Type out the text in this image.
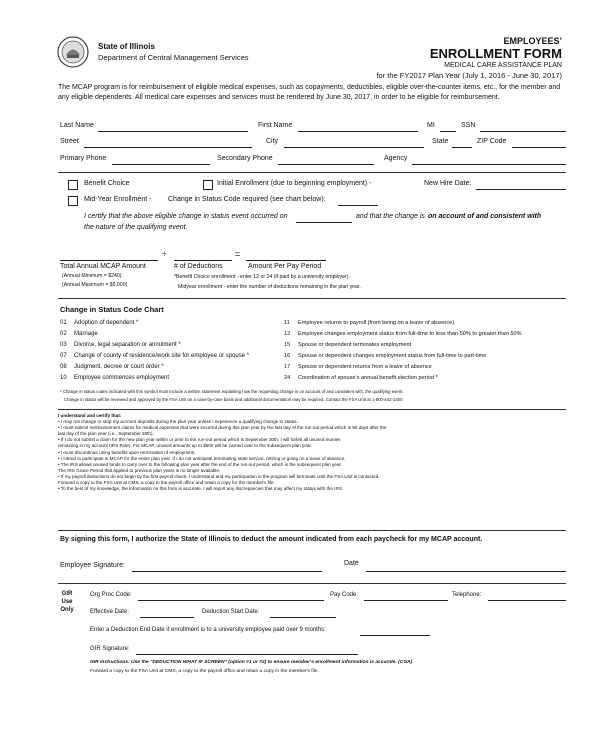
State of Illinois
Department of Central Management Services
EMPLOYEES’
ENROLLMENT FORM
MEDICAL CARE ASSISTANCE PLAN
for the FY2017 Plan Year (July 1, 2016 - June 30, 2017)
The MCAP program is for reimbursement of eligible medical expenses, such as copayments, deductibles, eligible over-the-counter items, etc., for the member and any eligible dependents. All medical care expenses and services must be rendered by June 30, 2017, in order to be eligible for reimbursement.
Last Name	First Name	MI	SSN
Street	City	State	ZIP Code
Primary Phone	Secondary Phone	Agency
Benefit Choice	Initial Enrollment (due to beginning employment) -	New Hire Date:
Mid-Year Enrollment - Change in Status Code required (see chart below):
I certify that the above eligible change in status event occurred on	and that the change is on account of and consistent with
the nature of the qualifying event.
÷	=
Total Annual MCAP Amount	# of Deductions	Amount Per Pay Period
(Annual Minimum = $240)
(Annual Maximum = $5,000)
*Benefit Choice enrollment - enter 12 or 24 (if paid by a university employer).
Midyear enrollment - enter the number of deductions remaining in the plan year.
Change in Status Code Chart
01 Adoption of dependent *
02 Marriage
03 Divorce, legal separation or annulment *
07 Change of county of residence/work site for employee or spouse *
08 Judgment, decree or court order *
10 Employee commences employment
11 Employee returns to payroll (from being on a leave of absence)
12 Employee changes employment status from full-time to less than 50% to greater than 50%
15 Spouse or dependent terminates employment
16 Spouse or dependent changes employment status from full-time to part-time
17 Spouse or dependent returns from a leave of absence
24 Coordination of spouse’s annual benefit election period *
* Change in status codes indicated with this symbol must include a written statement explaining how the requesting change is on account of and consistent with, the qualifying event.
Change in status will be reviewed and approved by the FSA Unit on a case-by-case basis and additional documentation may be required. Contact the FSA Unit at 1-800-442-1300
I understand and certify that:
• I may not change or stop my account deposits during the plan year unless I experience a qualifying change in status.
• I must submit reimbursement claims for medical expenses that were incurred during this plan year by the last day of the run-out period which is 90 days after the
last day of the plan year (i.e., September 30th).
• If I do not submit a claim for the new plan year within or prior to the run-out period which is September 30th, I will forfeit all unused monies
remaining in my account (IRS Rule). For MCAP, unused amounts up to $500 will be carried over to the subsequent plan year.
• I must discontinue using benefits upon termination of employment.
• I intend to participate in MCAP for the entire plan year. If I do not anticipate terminating state service, retiring or going on a leave of absence.
• The IRS allows unused funds to carry over to the following plan year after the end of the run-out period, which is the subsequent plan year.
The IRS Grace Period that applied to previous plan years is no longer available.
• If my payroll deductions do not begin by the first payroll check, I understand and my participation in the program will terminate until the FSA Unit is contacted.
Forward a copy to the FSA Unit at CMS, a copy to the payroll office and retain a copy for the member's file.
• To the best of my knowledge, the information on this form is accurate. I will report any discrepancies that may affect my status with the IRS.
By signing this form, I authorize the State of Illinois to deduct the amount indicated from each paycheck for my MCAP account.
Employee Signature:	Date
GIR Use Only
Org Proc Code:	Pay Code:	Telephone:
Effective Date:	Deduction Start Date:
Enter a Deduction End Date if enrollment is to a university employee paid over 9 months:
GIR Signature:
GIR Instructions: Use the "DEDUCTION WHAT IF SCREEN" (option #1 or #2) to ensure member's enrollment information is accurate. (CGA)
Forward a copy to the FSA Unit at CMS, a copy to the payroll office and retain a copy in the member's file.
